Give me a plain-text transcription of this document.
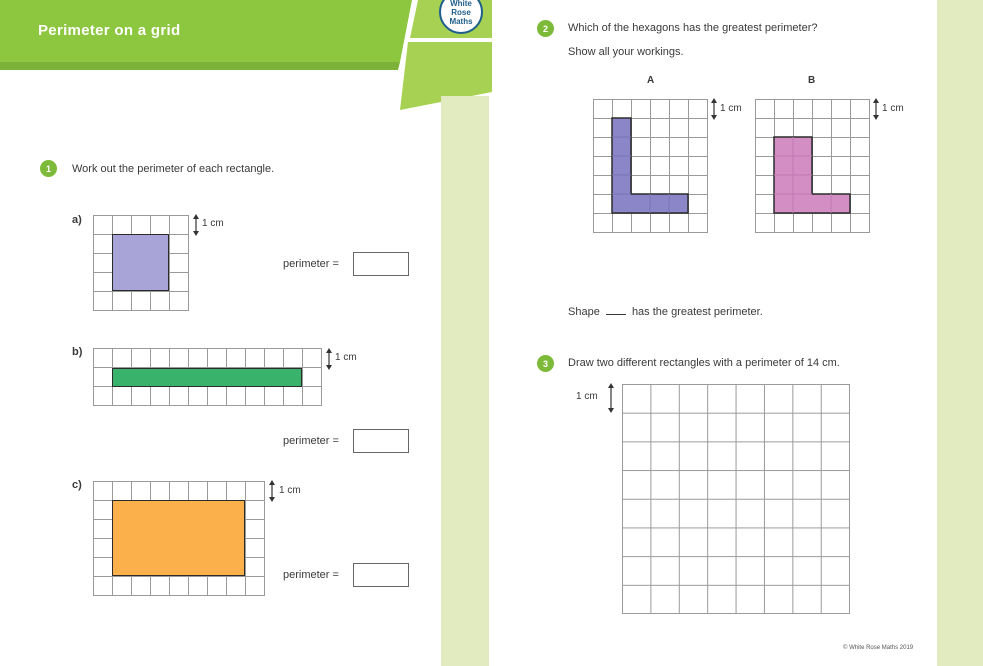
Perimeter on a grid
White
Rose
Maths
1	Work out the perimeter of each rectangle.
a)	1 cm
perimeter =
b)	1 cm
perimeter =
c)	1 cm
perimeter =
2	Which of the hexagons has the greatest perimeter?
Show all your workings.
A	B
1 cm	1 cm
Shape	has the greatest perimeter.
3	Draw two different rectangles with a perimeter of 14 cm.
1 cm
© White Rose Maths 2019
